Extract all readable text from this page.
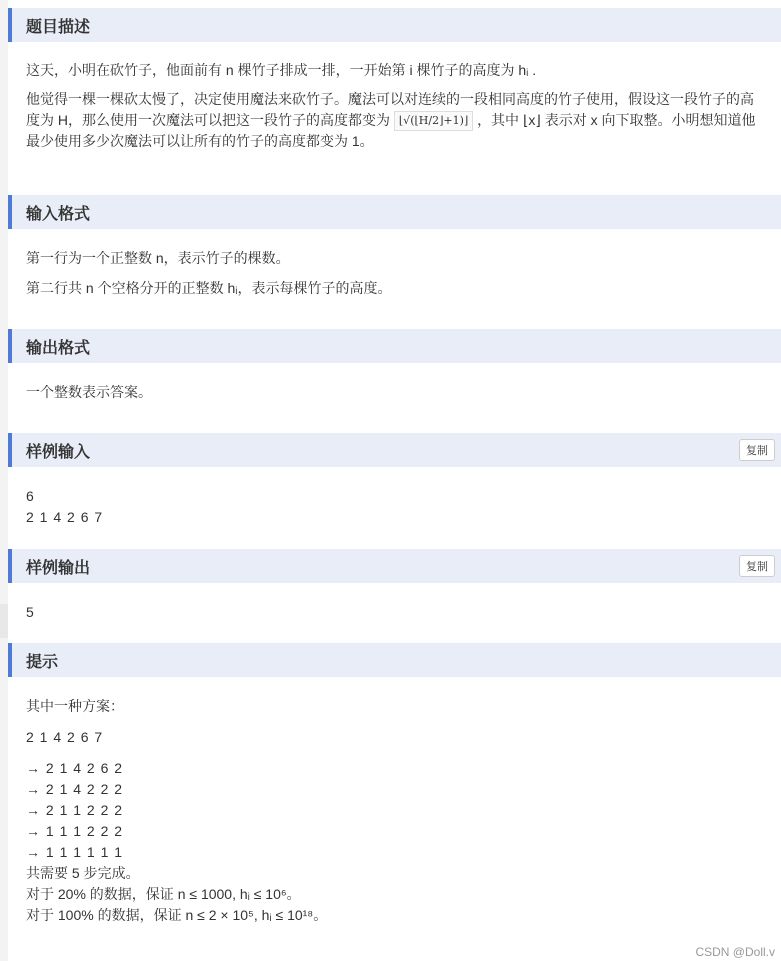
题目描述

这天，小明在砍竹子，他面前有 n 棵竹子排成一排，一开始第 i 棵竹子的高度为 hᵢ .

他觉得一棵一棵砍太慢了，决定使用魔法来砍竹子。魔法可以对连续的一段相同高度的竹子使用，假设这一段竹子的高度为 H，那么使用一次魔法可以把这一段竹子的高度都变为 ⌊√(⌊H/2⌋+1)⌋ ，其中 ⌊x⌋ 表示对 x 向下取整。小明想知道他最少使用多少次魔法可以让所有的竹子的高度都变为 1。

输入格式

第一行为一个正整数 n，表示竹子的棵数。

第二行共 n 个空格分开的正整数 hᵢ，表示每棵竹子的高度。

输出格式

一个整数表示答案。

样例输入	复制

6

2 1 4 2 6 7

样例输出	复制

5

提示

其中一种方案：

2 1 4 2 6 7

→ 2 1 4 2 6 2

→ 2 1 4 2 2 2

→ 2 1 1 2 2 2

→ 1 1 1 2 2 2

→ 1 1 1 1 1 1

共需要 5 步完成。

对于 20% 的数据，保证 n ≤ 1000, hᵢ ≤ 10⁶。

对于 100% 的数据，保证 n ≤ 2 × 10⁵, hᵢ ≤ 10¹⁸。

CSDN @Doll.v
